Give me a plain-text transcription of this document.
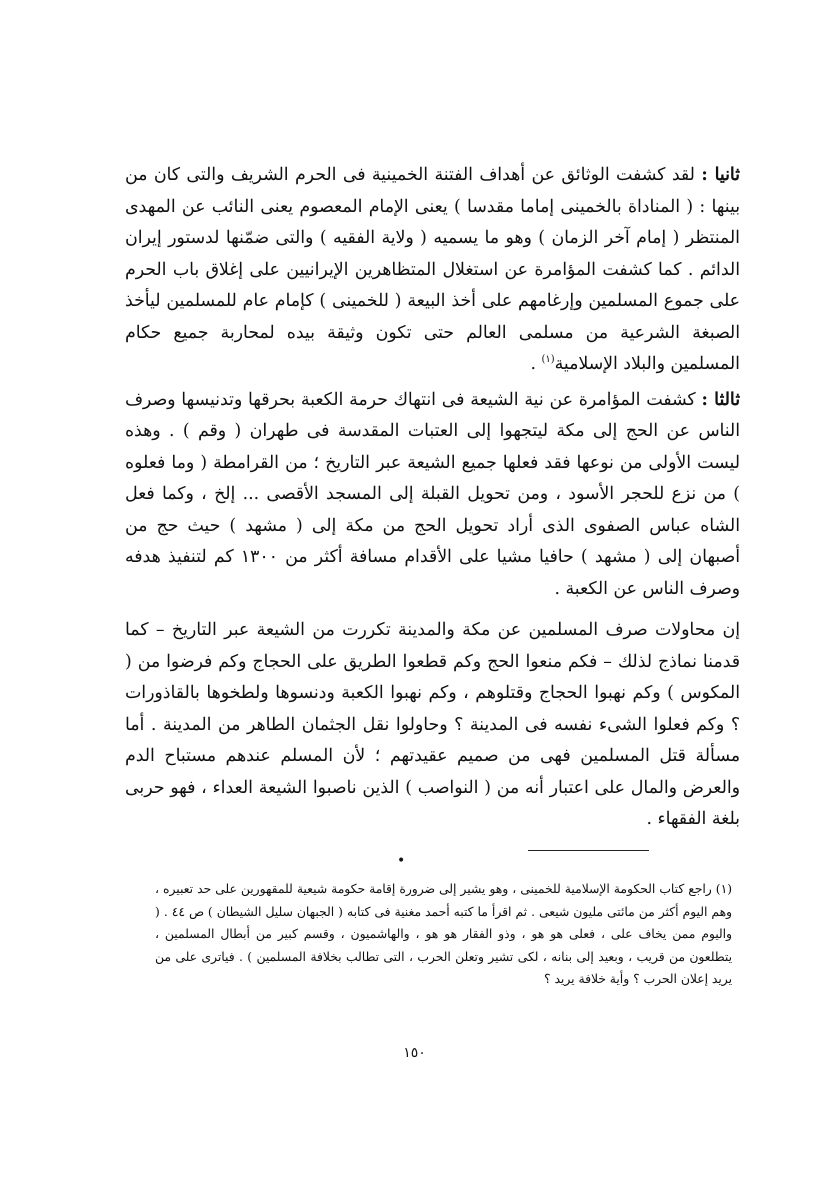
ثانيا : لقد كشفت الوثائق عن أهداف الفتنة الخمينية فى الحرم الشريف والتى كان من بينها : ( المناداة بالخمينى إماما مقدسا ) يعنى الإمام المعصوم يعنى النائب عن المهدى المنتظر ( إمام آخر الزمان ) وهو ما يسميه ( ولاية الفقيه ) والتى ضمّنها لدستور إيران الدائم . كما كشفت المؤامرة عن استغلال المتظاهرين الإيرانيين على إغلاق باب الحرم على جموع المسلمين وإرغامهم على أخذ البيعة ( للخمينى ) كإمام عام للمسلمين ليأخذ الصبغة الشرعية من مسلمى العالم حتى تكون وثيقة بيده لمحاربة جميع حكام المسلمين والبلاد الإسلامية$^{(١)}$ .

ثالثا : كشفت المؤامرة عن نية الشيعة فى انتهاك حرمة الكعبة بحرقها وتدنيسها وصرف الناس عن الحج إلى مكة ليتجهوا إلى العتبات المقدسة فى طهران ( وقم ) . وهذه ليست الأولى من نوعها فقد فعلها جميع الشيعة عبر التاريخ ؛ من القرامطة ( وما فعلوه ) من نزع للحجر الأسود ، ومن تحويل القبلة إلى المسجد الأقصى ... إلخ ، وكما فعل الشاه عباس الصفوى الذى أراد تحويل الحج من مكة إلى ( مشهد ) حيث حج من أصبهان إلى ( مشهد ) حافيا مشيا على الأقدام مسافة أكثر من ١٣٠٠ كم لتنفيذ هدفه وصرف الناس عن الكعبة .

إن محاولات صرف المسلمين عن مكة والمدينة تكررت من الشيعة عبر التاريخ – كما قدمنا نماذج لذلك – فكم منعوا الحج وكم قطعوا الطريق على الحجاج وكم فرضوا من ( المكوس ) وكم نهبوا الحجاج وقتلوهم ، وكم نهبوا الكعبة ودنسوها ولطخوها بالقاذورات ؟ وكم فعلوا الشىء نفسه فى المدينة ؟ وحاولوا نقل الجثمان الطاهر من المدينة . أما مسألة قتل المسلمين فهى من صميم عقيدتهم ؛ لأن المسلم عندهم مستباح الدم والعرض والمال على اعتبار أنه من ( النواصب ) الذين ناصبوا الشيعة العداء ، فهو حربى بلغة الفقهاء .

•

(١) راجع كتاب الحكومة الإسلامية للخمينى ، وهو يشير إلى ضرورة إقامة حكومة شيعية للمقهورين على حد تعبيره ، وهم اليوم أكثر من مائتى مليون شيعى . ثم اقرأ ما كتبه أحمد مغنية فى كتابه ( الجبهان سليل الشيطان ) ص ٤٤ . ( واليوم ممن يخاف على ، فعلى هو هو ، وذو الفقار هو هو ، والهاشميون ، وقسم كبير من أبطال المسلمين ، يتطلعون من قريب ، وبعيد إلى بنانه ، لكى تشير وتعلن الحرب ، التى تطالب بخلافة المسلمين ) . فياترى على من يريد إعلان الحرب ؟ وأية خلافة يريد ؟

١٥٠
